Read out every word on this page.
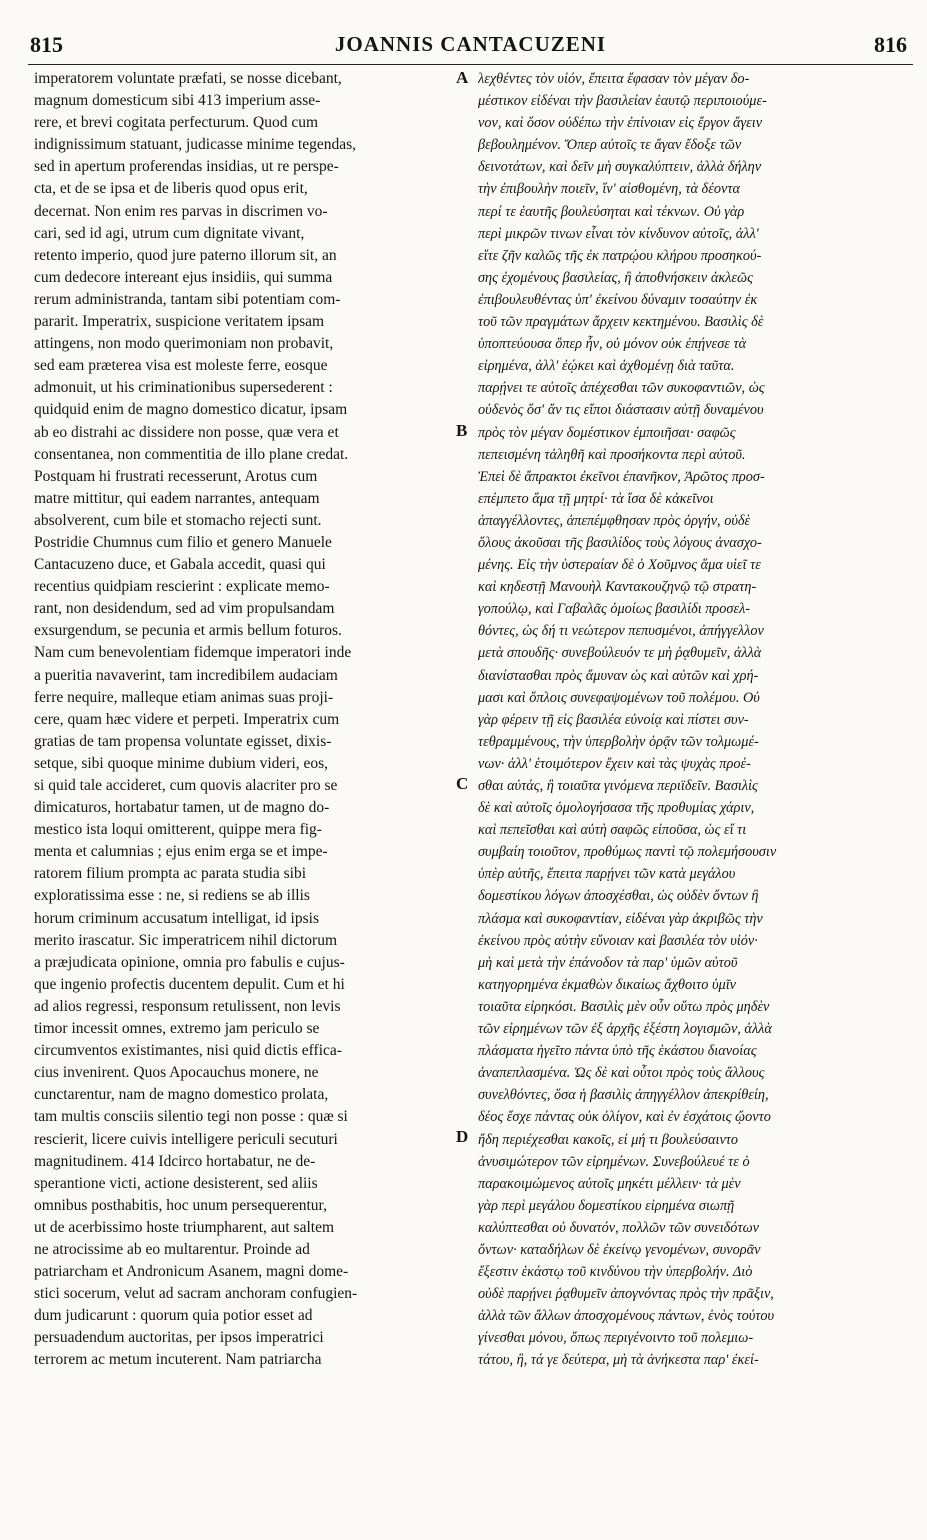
815	JOANNIS CANTACUZENI	816
imperatorem voluntate præfati, se nosse dicebant,
magnum domesticum sibi 413 imperium asse-
rere, et brevi cogitata perfecturum. Quod cum
indignissimum statuant, judicasse minime tegendas,
sed in apertum proferendas insidias, ut re perspe-
cta, et de se ipsa et de liberis quod opus erit,
decernat. Non enim res parvas in discrimen vo-
cari, sed id agi, utrum cum dignitate vivant,
retento imperio, quod jure paterno illorum sit, an
cum dedecore intereant ejus insidiis, qui summa
rerum administranda, tantam sibi potentiam com-
pararit. Imperatrix, suspicione veritatem ipsam
attingens, non modo querimoniam non probavit,
sed eam præterea visa est moleste ferre, eosque
admonuit, ut his criminationibus supersederent :
quidquid enim de magno domestico dicatur, ipsam
ab eo distrahi ac dissidere non posse, quæ vera et
consentanea, non commentitia de illo plane credat.
Postquam hi frustrati recesserunt, Arotus cum
matre mittitur, qui eadem narrantes, antequam
absolverent, cum bile et stomacho rejecti sunt.
Postridie Chumnus cum filio et genero Manuele
Cantacuzeno duce, et Gabala accedit, quasi qui
recentius quidpiam rescierint : explicate memo-
rant, non desidendum, sed ad vim propulsandam
exsurgendum, se pecunia et armis bellum foturos.
Nam cum benevolentiam fidemque imperatori inde
a pueritia navaverint, tam incredibilem audaciam
ferre nequire, malleque etiam animas suas proji-
cere, quam hæc videre et perpeti. Imperatrix cum
gratias de tam propensa voluntate egisset, dixis-
setque, sibi quoque minime dubium videri, eos,
si quid tale accideret, cum quovis alacriter pro se
dimicaturos, hortabatur tamen, ut de magno do-
mestico ista loqui omitterent, quippe mera fig-
menta et calumnias ; ejus enim erga se et impe-
ratorem filium prompta ac parata studia sibi
exploratissima esse : ne, si rediens se ab illis
horum criminum accusatum intelligat, id ipsis
merito irascatur. Sic imperatricem nihil dictorum
a præjudicata opinione, omnia pro fabulis e cujus-
que ingenio profectis ducentem depulit. Cum et hi
ad alios regressi, responsum retulissent, non levis
timor incessit omnes, extremo jam periculo se
circumventos existimantes, nisi quid dictis effica-
cius invenirent. Quos Apocauchus monere, ne
cunctarentur, nam de magno domestico prolata,
tam multis consciis silentio tegi non posse : quæ si
rescierit, licere cuivis intelligere periculi secuturi
magnitudinem. 414 Idcirco hortabatur, ne de-
sperantione victi, actione desisterent, sed aliis
omnibus posthabitis, hoc unum persequerentur,
ut de acerbissimo hoste triumpharent, aut saltem
ne atrocissime ab eo multarentur. Proinde ad
patriarcham et Andronicum Asanem, magni dome-
stici socerum, velut ad sacram anchoram confugien-
dum judicarunt : quorum quia potior esset ad
persuadendum auctoritas, per ipsos imperatrici
terrorem ac metum incuterent. Nam patriarcha
A
B
C
D
λεχθέντες τὸν υἱόν, ἔπειτα ἔφασαν τὸν μέγαν δο-
μέστικον εἰδέναι τὴν βασιλείαν ἑαυτῷ περιποιούμε-
νον, καὶ ὅσον οὐδέπω τὴν ἐπίνοιαν εἰς ἔργον ἄγειν
βεβουλημένον. Ὅπερ αὐτοῖς τε ἄγαν ἔδοξε τῶν
δεινοτάτων, καὶ δεῖν μὴ συγκαλύπτειν, ἀλλὰ δήλην
τὴν ἐπιβουλὴν ποιεῖν, ἵν' αἰσθομένη, τὰ δέοντα
περί τε ἑαυτῆς βουλεύσηται καὶ τέκνων. Οὐ γὰρ
περὶ μικρῶν τινων εἶναι τὸν κίνδυνον αὐτοῖς, ἀλλ'
εἴτε ζῆν καλῶς τῆς ἐκ πατρῴου κλήρου προσηκού-
σης ἐχομένους βασιλείας, ἢ ἀποθνήσκειν ἀκλεῶς
ἐπιβουλευθέντας ὑπ' ἐκείνου δύναμιν τοσαύτην ἐκ
τοῦ τῶν πραγμάτων ἄρχειν κεκτημένου. Βασιλὶς δὲ
ὑποπτεύουσα ὅπερ ἦν, οὐ μόνον οὐκ ἐπῄνεσε τὰ
εἰρημένα, ἀλλ' ἐῴκει καὶ ἀχθομένῃ διὰ ταῦτα.
παρῄνει τε αὐτοῖς ἀπέχεσθαι τῶν συκοφαντιῶν, ὡς
οὐδενὸς ὅσ' ἄν τις εἴποι διάστασιν αὐτῇ δυναμένου
πρὸς τὸν μέγαν δομέστικον ἐμποιῆσαι· σαφῶς
πεπεισμένη τἀληθῆ καὶ προσήκοντα περὶ αὐτοῦ.
Ἐπεὶ δὲ ἄπρακτοι ἐκεῖνοι ἐπανῆκον, Ἀρῶτος προσ-
επέμπετο ἅμα τῇ μητρί· τὰ ἴσα δὲ κἀκεῖνοι
ἀπαγγέλλοντες, ἀπεπέμφθησαν πρὸς ὀργήν, οὐδὲ
ὅλους ἀκοῦσαι τῆς βασιλίδος τοὺς λόγους ἀνασχο-
μένης. Εἰς τὴν ὑστεραίαν δὲ ὁ Χοῦμνος ἅμα υἱεῖ τε
καὶ κηδεστῇ Μανουὴλ Καντακουζηνῷ τῷ στρατη-
γοπούλῳ, καὶ Γαβαλᾶς ὁμοίως βασιλίδι προσελ-
θόντες, ὡς δή τι νεώτερον πεπυσμένοι, ἀπήγγελλον
μετὰ σπουδῆς· συνεβούλευόν τε μὴ ῥᾳθυμεῖν, ἀλλὰ
διανίστασθαι πρὸς ἄμυναν ὡς καὶ αὐτῶν καὶ χρή-
μασι καὶ ὅπλοις συνεφαψομένων τοῦ πολέμου. Οὐ
γὰρ φέρειν τῇ εἰς βασιλέα εὐνοίᾳ καὶ πίστει συν-
τεθραμμένους, τὴν ὑπερβολὴν ὁρᾷν τῶν τολμωμέ-
νων· ἀλλ' ἑτοιμότερον ἔχειν καὶ τὰς ψυχὰς προέ-
σθαι αὐτάς, ἢ τοιαῦτα γινόμενα περιϊδεῖν. Βασιλὶς
δὲ καὶ αὐτοῖς ὁμολογήσασα τῆς προθυμίας χάριν,
καὶ πεπεῖσθαι καὶ αὐτὴ σαφῶς εἰποῦσα, ὡς εἴ τι
συμβαίη τοιοῦτον, προθύμως παντὶ τῷ πολεμήσουσιν
ὑπὲρ αὐτῆς, ἔπειτα παρῄνει τῶν κατὰ μεγάλου
δομεστίκου λόγων ἀποσχέσθαι, ὡς οὐδὲν ὄντων ἢ
πλάσμα καὶ συκοφαντίαν, εἰδέναι γὰρ ἀκριβῶς τὴν
ἐκείνου πρὸς αὐτὴν εὔνοιαν καὶ βασιλέα τὸν υἱόν·
μὴ καὶ μετὰ τὴν ἐπάνοδον τὰ παρ' ὑμῶν αὐτοῦ
κατηγορημένα ἐκμαθὼν δικαίως ἄχθοιτο ὑμῖν
τοιαῦτα εἰρηκόσι. Βασιλὶς μὲν οὖν οὕτω πρὸς μηδὲν
τῶν εἰρημένων τῶν ἐξ ἀρχῆς ἐξέστη λογισμῶν, ἀλλὰ
πλάσματα ἡγεῖτο πάντα ὑπὸ τῆς ἑκάστου διανοίας
ἀναπεπλασμένα. Ὡς δὲ καὶ οὗτοι πρὸς τοὺς ἄλλους
συνελθόντες, ὅσα ἡ βασιλὶς ἀπηγγέλλον ἀπεκρίθείη,
δέος ἔσχε πάντας οὐκ ὀλίγον, καὶ ἐν ἐσχάτοις ᾤοντο
ἤδη περιέχεσθαι κακοῖς, εἰ μή τι βουλεύσαιντο
ἀνυσιμώτερον τῶν εἰρημένων. Συνεβούλευέ τε ὁ
παρακοιμώμενος αὐτοῖς μηκέτι μέλλειν· τὰ μὲν
γὰρ περὶ μεγάλου δομεστίκου εἰρημένα σιωπῇ
καλύπτεσθαι οὐ δυνατόν, πολλῶν τῶν συνειδότων
ὄντων· καταδήλων δὲ ἐκείνῳ γενομένων, συνορᾶν
ἔξεστιν ἑκάστῳ τοῦ κινδύνου τὴν ὑπερβολήν. Διὸ
οὐδὲ παρῄνει ῥᾳθυμεῖν ἀπογνόντας πρὸς τὴν πρᾶξιν,
ἀλλὰ τῶν ἄλλων ἀποσχομένους πάντων, ἑνὸς τούτου
γίνεσθαι μόνου, ὅπως περιγένοιντο τοῦ πολεμιω-
τάτου, ἢ, τά γε δεύτερα, μὴ τὰ ἀνήκεστα παρ' ἐκεί-
